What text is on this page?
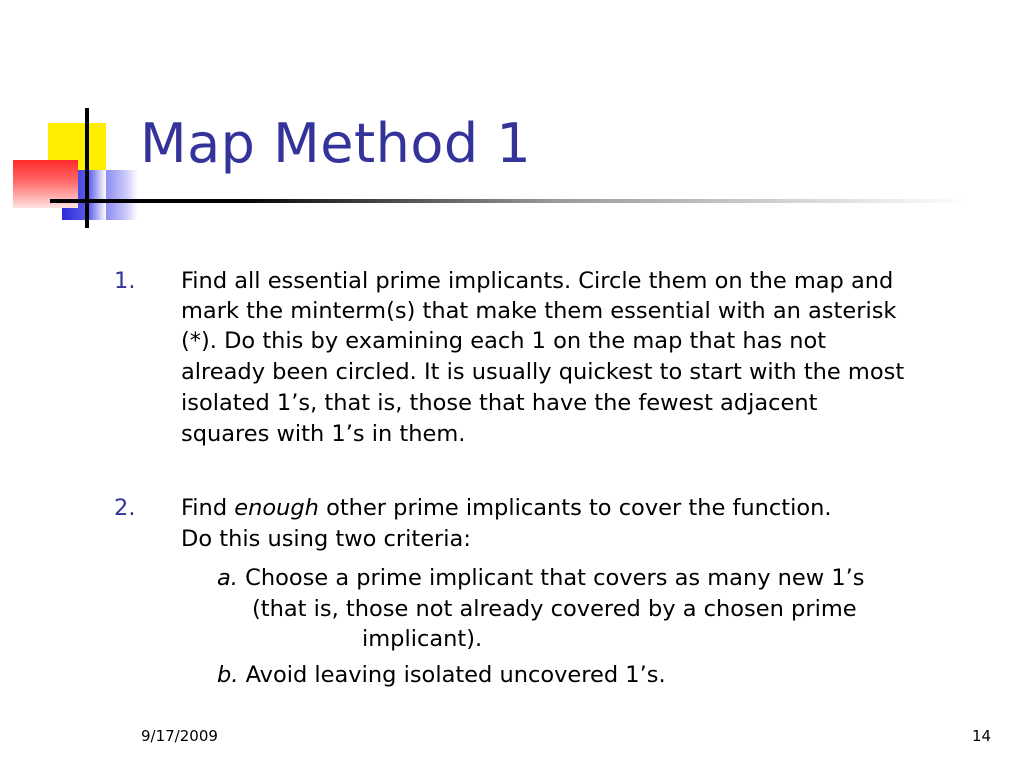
Map Method 1
1. Find all essential prime implicants. Circle them on the map and
mark the minterm(s) that make them essential with an asterisk
(*). Do this by examining each 1 on the map that has not
already been circled. It is usually quickest to start with the most
isolated 1’s, that is, those that have the fewest adjacent
squares with 1’s in them.
2. Find enough other prime implicants to cover the function.
Do this using two criteria:
a. Choose a prime implicant that covers as many new 1’s
(that is, those not already covered by a chosen prime
implicant).
b. Avoid leaving isolated uncovered 1’s.
9/17/2009	14
